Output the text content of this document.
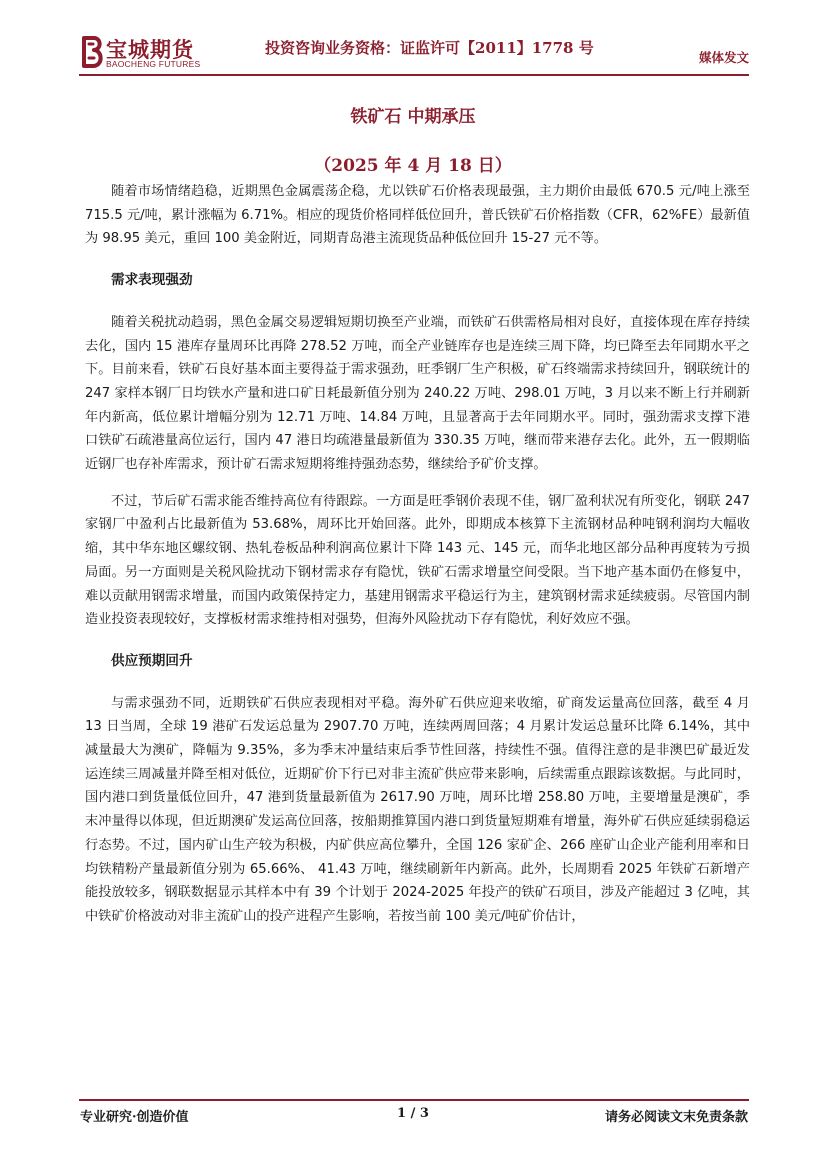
宝城期货
BAOCHENG FUTURES
投资咨询业务资格：证监许可【2011】1778 号
媒体发文
铁矿石 中期承压
（2025 年 4 月 18 日）

随着市场情绪趋稳，近期黑色金属震荡企稳，尤以铁矿石价格表现最强，主力期价由最低 670.5 元/吨上涨至 715.5 元/吨，累计涨幅为 6.71%。相应的现货价格同样低位回升，普氏铁矿石价格指数（CFR，62%FE）最新值为 98.95 美元，重回 100 美金附近，同期青岛港主流现货品种低位回升 15-27 元不等。

需求表现强劲

随着关税扰动趋弱，黑色金属交易逻辑短期切换至产业端，而铁矿石供需格局相对良好，直接体现在库存持续去化，国内 15 港库存量周环比再降 278.52 万吨，而全产业链库存也是连续三周下降，均已降至去年同期水平之下。目前来看，铁矿石良好基本面主要得益于需求强劲，旺季钢厂生产积极，矿石终端需求持续回升，钢联统计的 247 家样本钢厂日均铁水产量和进口矿日耗最新值分别为 240.22 万吨、298.01 万吨，3 月以来不断上行并刷新年内新高，低位累计增幅分别为 12.71 万吨、14.84 万吨，且显著高于去年同期水平。同时，强劲需求支撑下港口铁矿石疏港量高位运行，国内 47 港日均疏港量最新值为 330.35 万吨，继而带来港存去化。此外，五一假期临近钢厂也存补库需求，预计矿石需求短期将维持强劲态势，继续给予矿价支撑。

不过，节后矿石需求能否维持高位有待跟踪。一方面是旺季钢价表现不佳，钢厂盈利状况有所变化，钢联 247 家钢厂中盈利占比最新值为 53.68%，周环比开始回落。此外，即期成本核算下主流钢材品种吨钢利润均大幅收缩，其中华东地区螺纹钢、热轧卷板品种利润高位累计下降 143 元、145 元，而华北地区部分品种再度转为亏损局面。另一方面则是关税风险扰动下钢材需求存有隐忧，铁矿石需求增量空间受限。当下地产基本面仍在修复中，难以贡献用钢需求增量，而国内政策保持定力，基建用钢需求平稳运行为主，建筑钢材需求延续疲弱。尽管国内制造业投资表现较好，支撑板材需求维持相对强势，但海外风险扰动下存有隐忧，利好效应不强。

供应预期回升

与需求强劲不同，近期铁矿石供应表现相对平稳。海外矿石供应迎来收缩，矿商发运量高位回落，截至 4 月 13 日当周，全球 19 港矿石发运总量为 2907.70 万吨，连续两周回落；4 月累计发运总量环比降 6.14%，其中减量最大为澳矿，降幅为 9.35%，多为季末冲量结束后季节性回落，持续性不强。值得注意的是非澳巴矿最近发运连续三周减量并降至相对低位，近期矿价下行已对非主流矿供应带来影响，后续需重点跟踪该数据。与此同时，国内港口到货量低位回升，47 港到货量最新值为 2617.90 万吨，周环比增 258.80 万吨，主要增量是澳矿，季末冲量得以体现，但近期澳矿发运高位回落，按船期推算国内港口到货量短期难有增量，海外矿石供应延续弱稳运行态势。不过，国内矿山生产较为积极，内矿供应高位攀升，全国 126 家矿企、266 座矿山企业产能利用率和日均铁精粉产量最新值分别为 65.66%、 41.43 万吨，继续刷新年内新高。此外，长周期看 2025 年铁矿石新增产能投放较多，钢联数据显示其样本中有 39 个计划于 2024-2025 年投产的铁矿石项目，涉及产能超过 3 亿吨，其中铁矿价格波动对非主流矿山的投产进程产生影响，若按当前 100 美元/吨矿价估计，

专业研究·创造价值	1 / 3	请务必阅读文末免责条款
